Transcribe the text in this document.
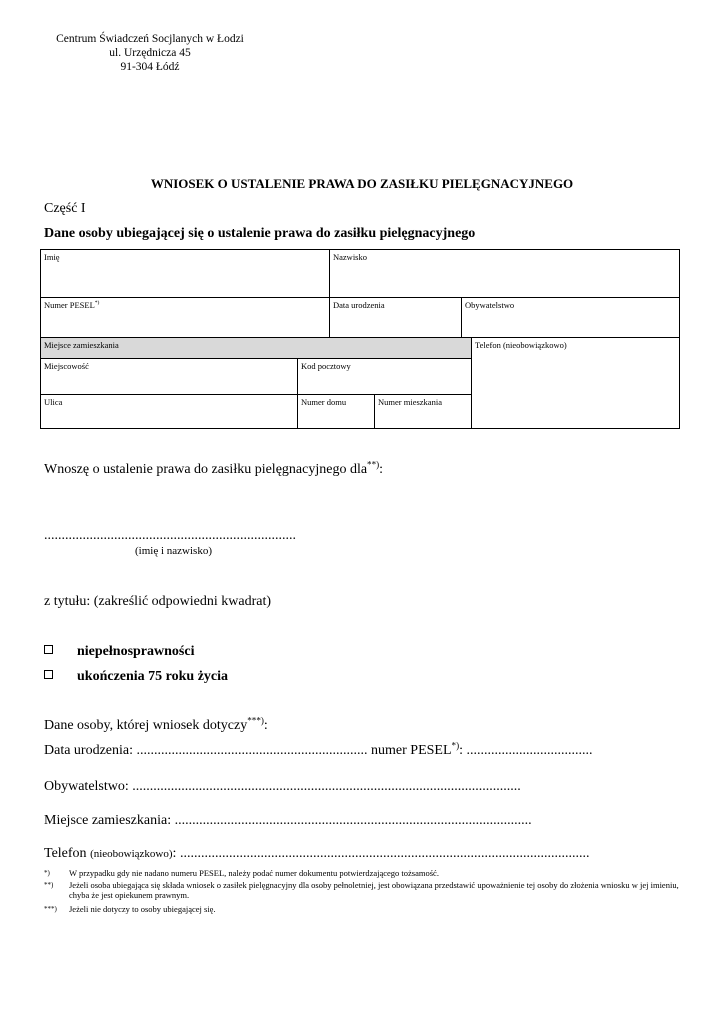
Centrum Świadczeń Socjlanych w Łodzi
ul. Urzędnicza 45
91-304 Łódź
WNIOSEK O USTALENIE PRAWA DO ZASIŁKU PIELĘGNACYJNEGO
Część I
Dane osoby ubiegającej się o ustalenie prawa do zasiłku pielęgnacyjnego
Imię	Nazwisko
Numer PESEL*)	Data urodzenia	Obywatelstwo
Miejsce zamieszkania	Telefon (nieobowiązkowo)
Miejscowość	Kod pocztowy
Ulica	Numer domu	Numer mieszkania
Wnoszę o ustalenie prawa do zasiłku pielęgnacyjnego dla**):
........................................................................
(imię i nazwisko)
z tytułu: (zakreślić odpowiedni kwadrat)
niepełnosprawności
ukończenia 75 roku życia
Dane osoby, której wniosek dotyczy***):
Data urodzenia: .................................................................. numer PESEL*): ....................................
Obywatelstwo: ...............................................................................................................
Miejsce zamieszkania: ......................................................................................................
Telefon (nieobowiązkowo): .....................................................................................................................
*) W przypadku gdy nie nadano numeru PESEL, należy podać numer dokumentu potwierdzającego tożsamość.
**) Jeżeli osoba ubiegająca się składa wniosek o zasiłek pielęgnacyjny dla osoby pełnoletniej, jest obowiązana przedstawić upoważnienie tej osoby do złożenia wniosku w jej imieniu, chyba że jest opiekunem prawnym.
***) Jeżeli nie dotyczy to osoby ubiegającej się.
